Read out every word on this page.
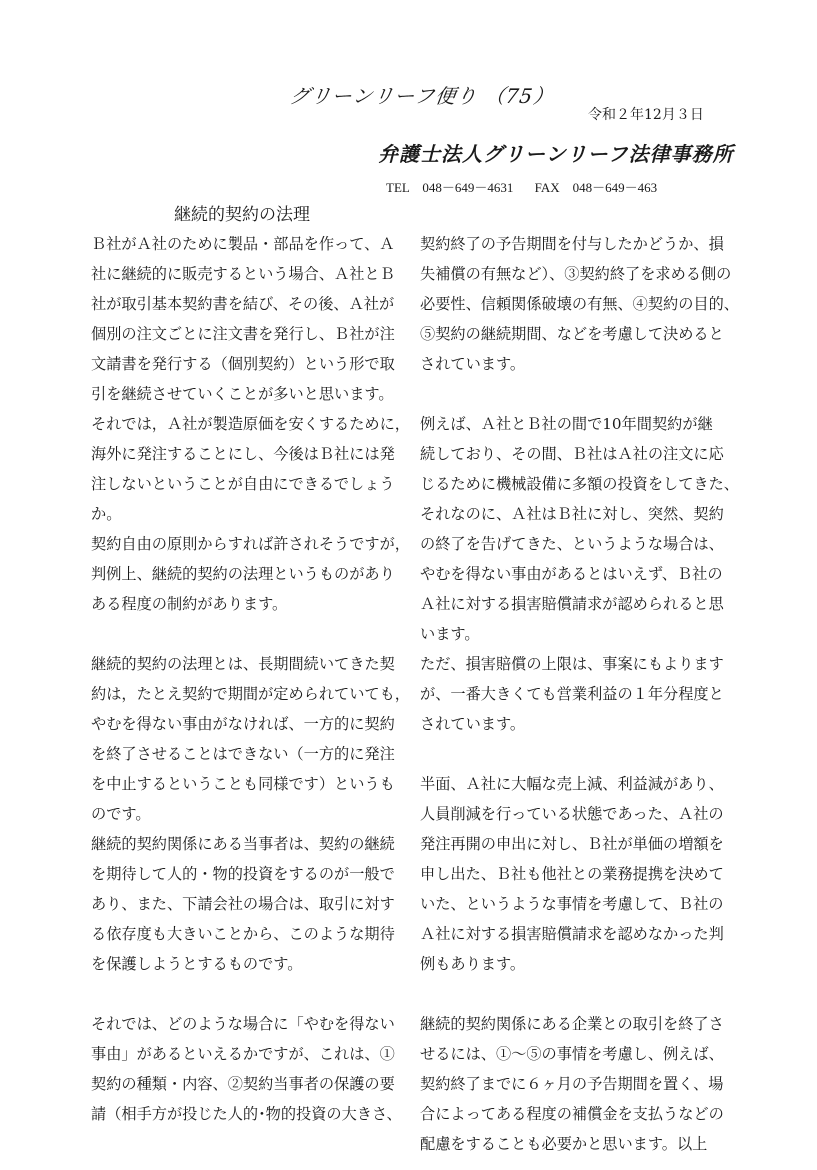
グリーンリーフ便り （75）
令和２年12月３日
弁護士法人グリーンリーフ法律事務所
TEL　048－649－4631 FAX　048－649－463
継続的契約の法理
Ｂ社がＡ社のために製品・部品を作って、Ａ
社に継続的に販売するという場合、Ａ社とＢ
社が取引基本契約書を結び、その後、Ａ社が
個別の注文ごとに注文書を発行し、Ｂ社が注
文請書を発行する（個別契約）という形で取
引を継続させていくことが多いと思います。
それでは，Ａ社が製造原価を安くするために，
海外に発注することにし、今後はＢ社には発
注しないということが自由にできるでしょう
か。
契約自由の原則からすれば許されそうですが，
判例上、継続的契約の法理というものがあり
ある程度の制約があります。
継続的契約の法理とは、長期間続いてきた契
約は，たとえ契約で期間が定められていても，
やむを得ない事由がなければ、一方的に契約
を終了させることはできない（一方的に発注
を中止するということも同様です）というも
のです。
継続的契約関係にある当事者は、契約の継続
を期待して人的・物的投資をするのが一般で
あり、また、下請会社の場合は、取引に対す
る依存度も大きいことから、このような期待
を保護しようとするものです。
それでは、どのような場合に「やむを得ない
事由」があるといえるかですが、これは、①
契約の種類・内容、②契約当事者の保護の要
請（相手方が投じた人的･物的投資の大きさ、
契約終了の予告期間を付与したかどうか、損
失補償の有無など）、③契約終了を求める側の
必要性、信頼関係破壊の有無、④契約の目的、
⑤契約の継続期間、などを考慮して決めると
されています。
例えば、Ａ社とＢ社の間で10年間契約が継
続しており、その間、Ｂ社はＡ社の注文に応
じるために機械設備に多額の投資をしてきた、
それなのに、Ａ社はＢ社に対し、突然、契約
の終了を告げてきた、というような場合は、
やむを得ない事由があるとはいえず、Ｂ社の
Ａ社に対する損害賠償請求が認められると思
います。
ただ、損害賠償の上限は、事案にもよります
が、一番大きくても営業利益の１年分程度と
されています。
半面、Ａ社に大幅な売上減、利益減があり、
人員削減を行っている状態であった、Ａ社の
発注再開の申出に対し、Ｂ社が単価の増額を
申し出た、Ｂ社も他社との業務提携を決めて
いた、というような事情を考慮して、Ｂ社の
Ａ社に対する損害賠償請求を認めなかった判
例もあります。
継続的契約関係にある企業との取引を終了さ
せるには、①～⑤の事情を考慮し、例えば、
契約終了までに６ヶ月の予告期間を置く、場
合によってある程度の補償金を支払うなどの
配慮をすることも必要かと思います。以上
